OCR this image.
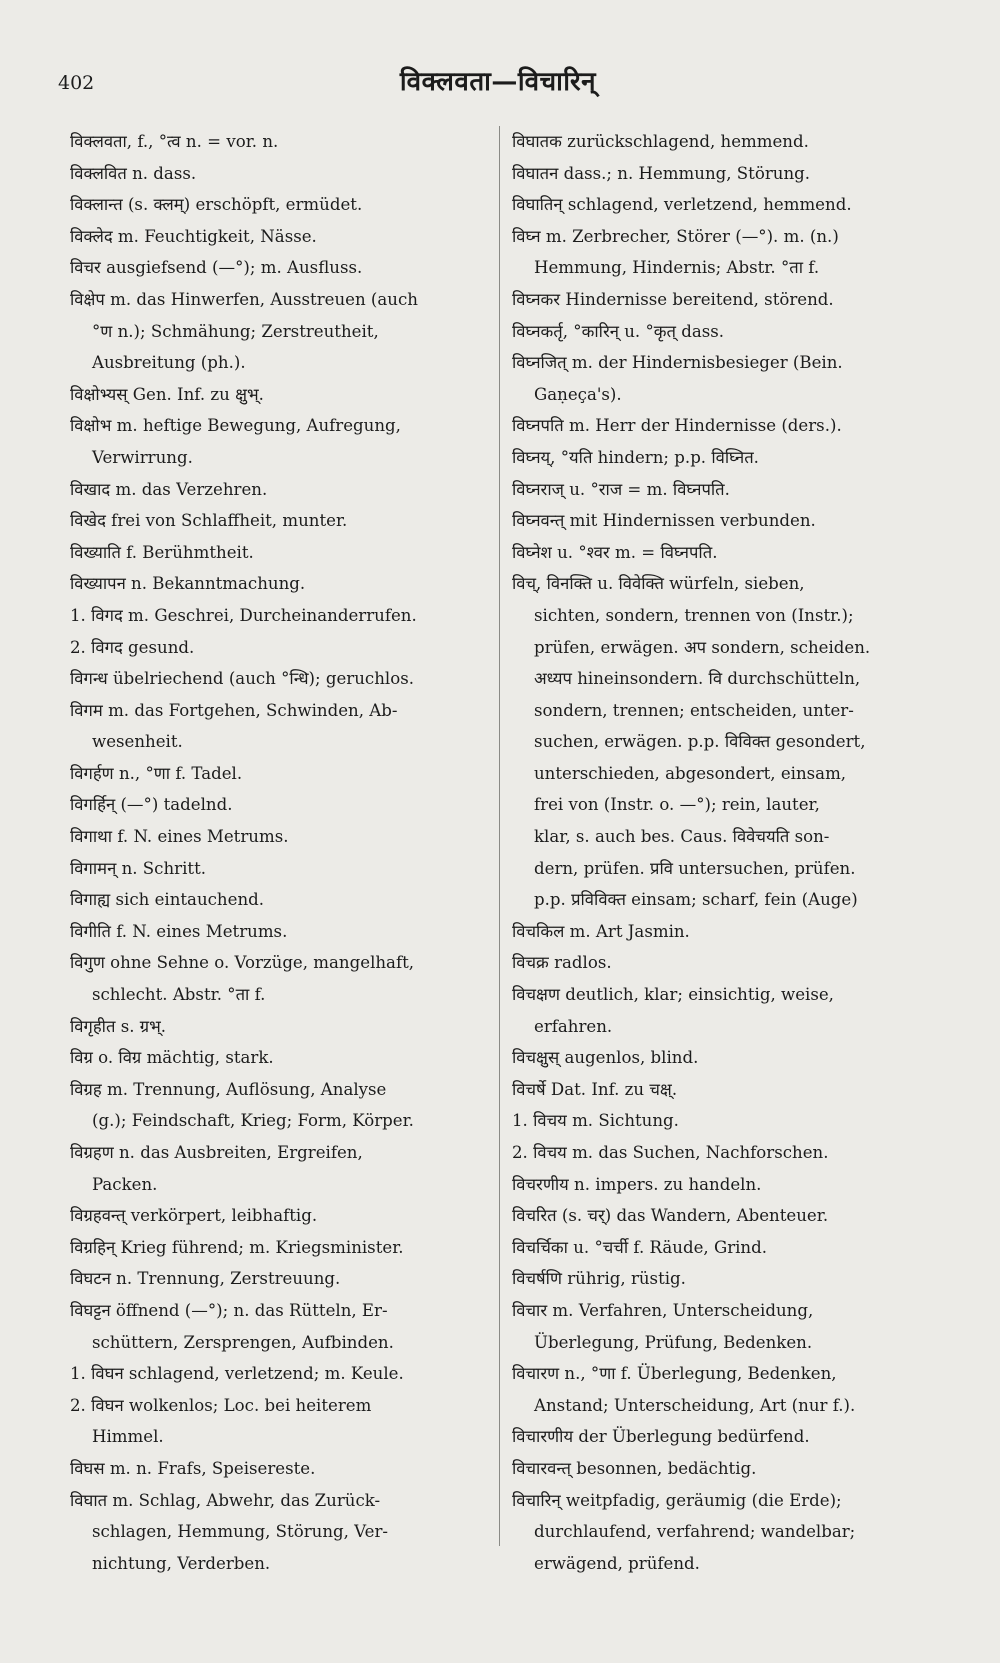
402	विक्लवता—विचारिन्
विक्लवता, f., °त्व n. = vor. n.
विक्लवित n. dass.
विक्लान्त (s. क्लम्) erschöpft, ermüdet.
विक्लेद m. Feuchtigkeit, Nässe.
विचर ausgiefsend (—°); m. Ausfluss.
विक्षेप m. das Hinwerfen, Ausstreuen (auch
°ण n.); Schmähung; Zerstreutheit,
Ausbreitung (ph.).
विक्षोभ्यस् Gen. Inf. zu क्षुभ्.
विक्षोभ m. heftige Bewegung, Aufregung,
Verwirrung.
विखाद m. das Verzehren.
विखेद frei von Schlaffheit, munter.
विख्याति f. Berühmtheit.
विख्यापन n. Bekanntmachung.
1. विगद m. Geschrei, Durcheinanderrufen.
2. विगद gesund.
विगन्ध übelriechend (auch °न्धि); geruchlos.
विगम m. das Fortgehen, Schwinden, Ab-
wesenheit.
विगर्हण n., °णा f. Tadel.
विगर्हिन् (—°) tadelnd.
विगाथा f. N. eines Metrums.
विगामन् n. Schritt.
विगाह्य sich eintauchend.
विगीति f. N. eines Metrums.
विगुण ohne Sehne o. Vorzüge, mangelhaft,
schlecht. Abstr. °ता f.
विगृहीत s. ग्रभ्.
विग्र o. विग्र mächtig, stark.
विग्रह m. Trennung, Auflösung, Analyse
(g.); Feindschaft, Krieg; Form, Körper.
विग्रहण n. das Ausbreiten, Ergreifen,
Packen.
विग्रहवन्त् verkörpert, leibhaftig.
विग्रहिन् Krieg führend; m. Kriegsminister.
विघटन n. Trennung, Zerstreuung.
विघट्टन öffnend (—°); n. das Rütteln, Er-
schüttern, Zersprengen, Aufbinden.
1. विघन schlagend, verletzend; m. Keule.
2. विघन wolkenlos; Loc. bei heiterem
Himmel.
विघस m. n. Frafs, Speisereste.
विघात m. Schlag, Abwehr, das Zurück-
schlagen, Hemmung, Störung, Ver-
nichtung, Verderben.
विघातक zurückschlagend, hemmend.
विघातन dass.; n. Hemmung, Störung.
विघातिन् schlagend, verletzend, hemmend.
विघ्न m. Zerbrecher, Störer (—°). m. (n.)
Hemmung, Hindernis; Abstr. °ता f.
विघ्नकर Hindernisse bereitend, störend.
विघ्नकर्तृ, °कारिन् u. °कृत् dass.
विघ्नजित् m. der Hindernisbesieger (Bein.
Gaṇeça's).
विघ्नपति m. Herr der Hindernisse (ders.).
विघ्नय्, °यति hindern; p.p. विघ्नित.
विघ्नराज् u. °राज = m. विघ्नपति.
विघ्नवन्त् mit Hindernissen verbunden.
विघ्नेश u. °श्वर m. = विघ्नपति.
विच्, विनक्ति u. विवेक्ति würfeln, sieben,
sichten, sondern, trennen von (Instr.);
prüfen, erwägen. अप sondern, scheiden.
अध्यप hineinsondern. वि durchschütteln,
sondern, trennen; entscheiden, unter-
suchen, erwägen. p.p. विविक्त gesondert,
unterschieden, abgesondert, einsam,
frei von (Instr. o. —°); rein, lauter,
klar, s. auch bes. Caus. विवेचयति son-
dern, prüfen. प्रवि untersuchen, prüfen.
p.p. प्रविविक्त einsam; scharf, fein (Auge)
विचकिल m. Art Jasmin.
विचक्र radlos.
विचक्षण deutlich, klar; einsichtig, weise,
erfahren.
विचक्षुस् augenlos, blind.
विचर्षे Dat. Inf. zu चक्ष्.
1. विचय m. Sichtung.
2. विचय m. das Suchen, Nachforschen.
विचरणीय n. impers. zu handeln.
विचरित (s. चर्) das Wandern, Abenteuer.
विचर्चिका u. °चर्ची f. Räude, Grind.
विचर्षणि rührig, rüstig.
विचार m. Verfahren, Unterscheidung,
Überlegung, Prüfung, Bedenken.
विचारण n., °णा f. Überlegung, Bedenken,
Anstand; Unterscheidung, Art (nur f.).
विचारणीय der Überlegung bedürfend.
विचारवन्त् besonnen, bedächtig.
विचारिन् weitpfadig, geräumig (die Erde);
durchlaufend, verfahrend; wandelbar;
erwägend, prüfend.
